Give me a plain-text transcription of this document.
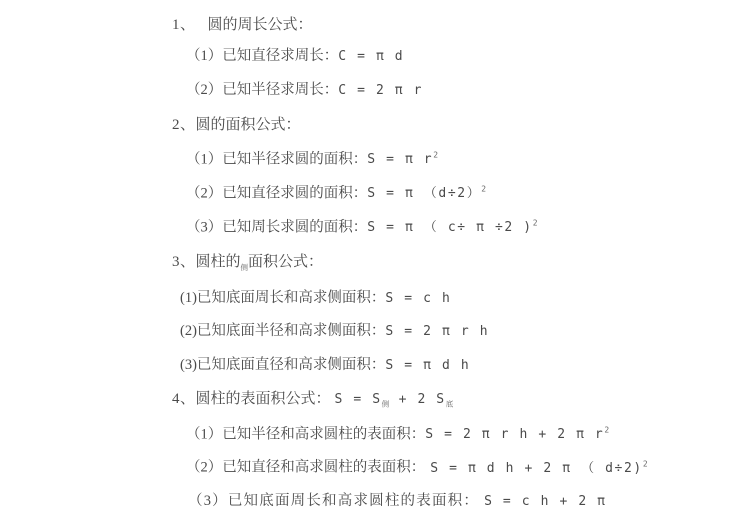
1、 圆的周长公式：
（1）已知直径求周长：C = π d
（2）已知半径求周长：C = 2 π r
2、圆的面积公式：
（1）已知半径求圆的面积：S = π $r^2$
（2）已知直径求圆的面积：S = π $(d\div 2)^2$
（3）已知周长求圆的面积：S = π （ c÷ π ÷2 )$^2$
3、圆柱的$_侧$面积公式：
(1)已知底面周长和高求侧面积：S = c h
(2)已知底面半径和高求侧面积：S = 2 π r h
(3)已知底面直径和高求侧面积：S = π d h
4、圆柱的表面积公式： $S = S_侧 + 2$ $S_底$
（1）已知半径和高求圆柱的表面积：S = 2 π r h + 2 π $r^2$
（2）已知直径和高求圆柱的表面积： S = π d h + 2 π （ d÷2)$^2$
（3）已知底面周长和高求圆柱的表面积： S = c h + 2 π
